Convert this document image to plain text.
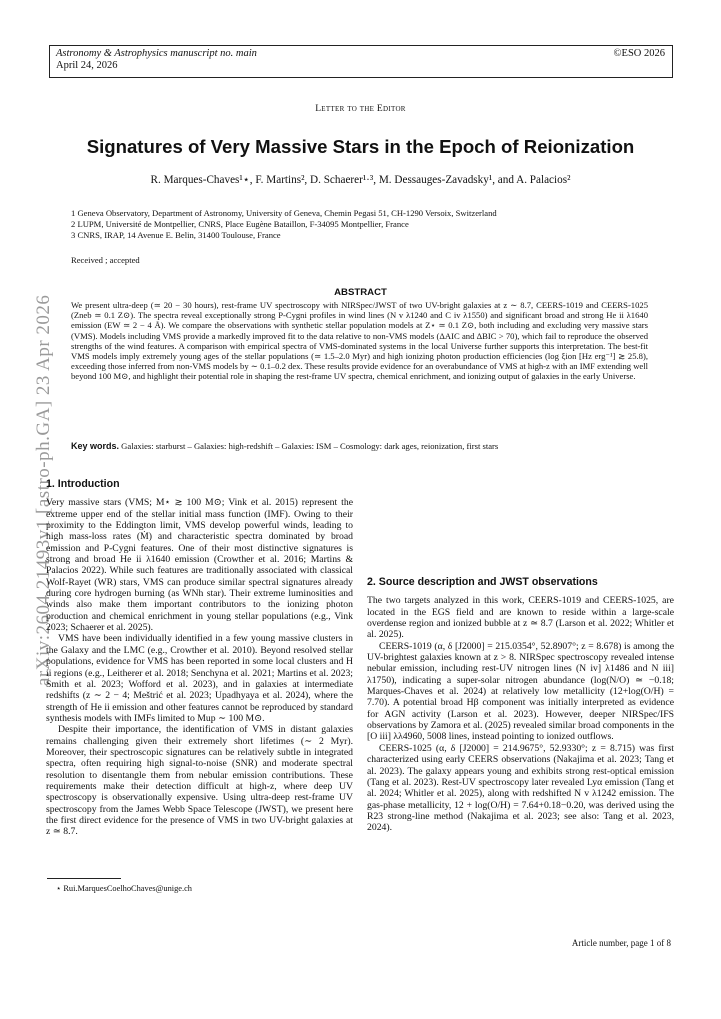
Astronomy & Astrophysics manuscript no. main
April 24, 2026
©ESO 2026
Letter to the Editor
Signatures of Very Massive Stars in the Epoch of Reionization
R. Marques-Chaves¹⋆, F. Martins², D. Schaerer¹·³, M. Dessauges-Zavadsky¹, and A. Palacios²
1 Geneva Observatory, Department of Astronomy, University of Geneva, Chemin Pegasi 51, CH-1290 Versoix, Switzerland
2 LUPM, Université de Montpellier, CNRS, Place Eugène Bataillon, F-34095 Montpellier, France
3 CNRS, IRAP, 14 Avenue E. Belin, 31400 Toulouse, France
Received ; accepted
ABSTRACT
We present ultra-deep (≃ 20 − 30 hours), rest-frame UV spectroscopy with NIRSpec/JWST of two UV-bright galaxies at z ∼ 8.7, CEERS-1019 and CEERS-1025 (Zneb ≃ 0.1 Z⊙). The spectra reveal exceptionally strong P-Cygni profiles in wind lines (N v λ1240 and C iv λ1550) and significant broad and strong He ii λ1640 emission (EW ≃ 2 − 4 Å). We compare the observations with synthetic stellar population models at Z⋆ ≃ 0.1 Z⊙, both including and excluding very massive stars (VMS). Models including VMS provide a markedly improved fit to the data relative to non-VMS models (ΔAIC and ΔBIC > 70), which fail to reproduce the observed strengths of the wind features. A comparison with empirical spectra of VMS-dominated systems in the local Universe further supports this interpretation. The best-fit VMS models imply extremely young ages of the stellar populations (≃ 1.5–2.0 Myr) and high ionizing photon production efficiencies (log ξion [Hz erg⁻¹] ≳ 25.8), exceeding those inferred from non-VMS models by ∼ 0.1–0.2 dex. These results provide evidence for an overabundance of VMS at high-z with an IMF extending well beyond 100 M⊙, and highlight their potential role in shaping the rest-frame UV spectra, chemical enrichment, and ionizing output of galaxies in the early Universe.
Key words. Galaxies: starburst – Galaxies: high-redshift – Galaxies: ISM – Cosmology: dark ages, reionization, first stars
arXiv:2604.21493v1 [astro-ph.GA] 23 Apr 2026
1. Introduction

Very massive stars (VMS; M⋆ ≳ 100 M⊙; Vink et al. 2015) represent the extreme upper end of the stellar initial mass function (IMF). Owing to their proximity to the Eddington limit, VMS develop powerful winds, leading to high mass-loss rates (Ṁ) and characteristic spectra dominated by broad emission and P-Cygni features. One of their most distinctive signatures is strong and broad He ii λ1640 emission (Crowther et al. 2016; Martins & Palacios 2022). While such features are traditionally associated with classical Wolf-Rayet (WR) stars, VMS can produce similar spectral signatures already during core hydrogen burning (as WNh star). Their extreme luminosities and winds also make them important contributors to the ionizing photon production and chemical enrichment in young stellar populations (e.g., Vink 2023; Schaerer et al. 2025).

VMS have been individually identified in a few young massive clusters in the Galaxy and the LMC (e.g., Crowther et al. 2010). Beyond resolved stellar populations, evidence for VMS has been reported in some local clusters and H ii regions (e.g., Leitherer et al. 2018; Senchyna et al. 2021; Martins et al. 2023; Smith et al. 2023; Wofford et al. 2023), and in galaxies at intermediate redshifts (z ∼ 2 − 4; Meštrić et al. 2023; Upadhyaya et al. 2024), where the strength of He ii emission and other features cannot be reproduced by standard synthesis models with IMFs limited to Mup ∼ 100 M⊙.

Despite their importance, the identification of VMS in distant galaxies remains challenging given their extremely short lifetimes (∼ 2 Myr). Moreover, their spectroscopic signatures can be relatively subtle in integrated spectra, often requiring high signal-to-noise (SNR) and moderate spectral resolution to disentangle them from nebular emission contributions. These requirements make their detection difficult at high-z, where deep UV spectroscopy is observationally expensive. Using ultra-deep rest-frame UV spectroscopy from the James Webb Space Telescope (JWST), we present here the first direct evidence for the presence of VMS in two UV-bright galaxies at z ≃ 8.7.

2. Source description and JWST observations

The two targets analyzed in this work, CEERS-1019 and CEERS-1025, are located in the EGS field and are known to reside within a large-scale overdense region and ionized bubble at z ≃ 8.7 (Larson et al. 2022; Whitler et al. 2025).

CEERS-1019 (α, δ [J2000] = 215.0354°, 52.8907°; z = 8.678) is among the UV-brightest galaxies known at z > 8. NIRSpec spectroscopy revealed intense nebular emission, including rest-UV nitrogen lines (N iv] λ1486 and N iii] λ1750), indicating a super-solar nitrogen abundance (log(N/O) ≃ −0.18; Marques-Chaves et al. 2024) at relatively low metallicity (12+log(O/H) = 7.70). A potential broad Hβ component was initially interpreted as evidence for AGN activity (Larson et al. 2023). However, deeper NIRSpec/IFS observations by Zamora et al. (2025) revealed similar broad components in the [O iii] λλ4960, 5008 lines, instead pointing to ionized outflows.

CEERS-1025 (α, δ [J2000] = 214.9675°, 52.9330°; z = 8.715) was first characterized using early CEERS observations (Nakajima et al. 2023; Tang et al. 2023). The galaxy appears young and exhibits strong rest-optical emission (Tang et al. 2023). Rest-UV spectroscopy later revealed Lyα emission (Tang et al. 2024; Whitler et al. 2025), along with redshifted N v λ1242 emission. The gas-phase metallicity, 12 + log(O/H) = 7.64+0.18−0.20, was derived using the R23 strong-line method (Nakajima et al. 2023; see also: Tang et al. 2023, 2024).

⋆ Rui.MarquesCoelhoChaves@unige.ch
Article number, page 1 of 8
